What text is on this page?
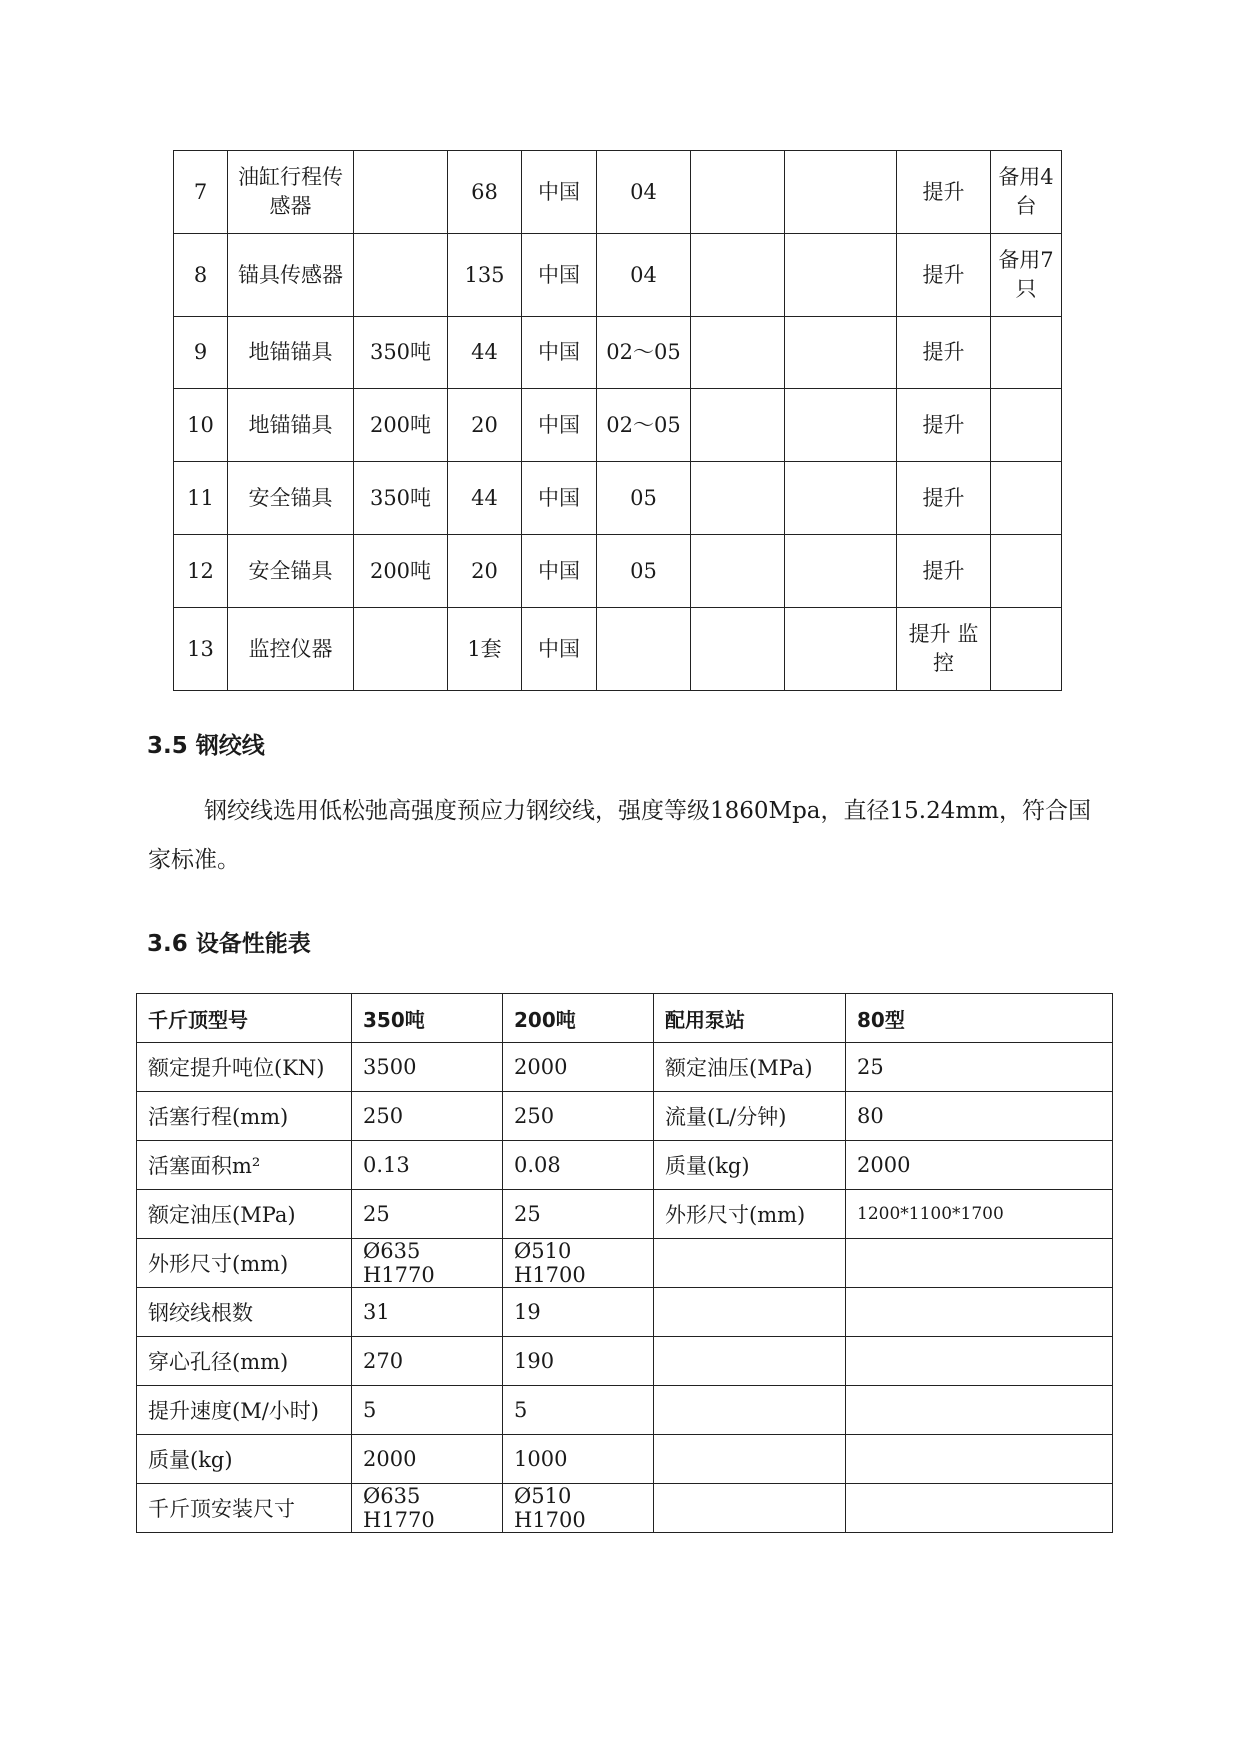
7	油缸行程传感器		68	中国	04			提升	备用4台
8	锚具传感器		135	中国	04			提升	备用7只
9	地锚锚具	350吨	44	中国	02～05			提升	
10	地锚锚具	200吨	20	中国	02～05			提升	
11	安全锚具	350吨	44	中国	05			提升	
12	安全锚具	200吨	20	中国	05			提升	
13	监控仪器		1套	中国				提升 监控	
3.5 钢绞线

钢绞线选用低松弛高强度预应力钢绞线，强度等级1860Mpa，直径15.24mm，符合国家标准。

3.6 设备性能表
千斤顶型号	350吨	200吨	配用泵站	80型
额定提升吨位(KN)	3500	2000	额定油压(MPa)	25
活塞行程(mm)	250	250	流量(L/分钟)	80
活塞面积m²	0.13	0.08	质量(kg)	2000
额定油压(MPa)	25	25	外形尺寸(mm)	1200*1100*1700
外形尺寸(mm)	Ø635 H1770	Ø510 H1700		
钢绞线根数	31	19		
穿心孔径(mm)	270	190		
提升速度(M/小时)	5	5		
质量(kg)	2000	1000		
千斤顶安装尺寸	Ø635 H1770	Ø510 H1700		
